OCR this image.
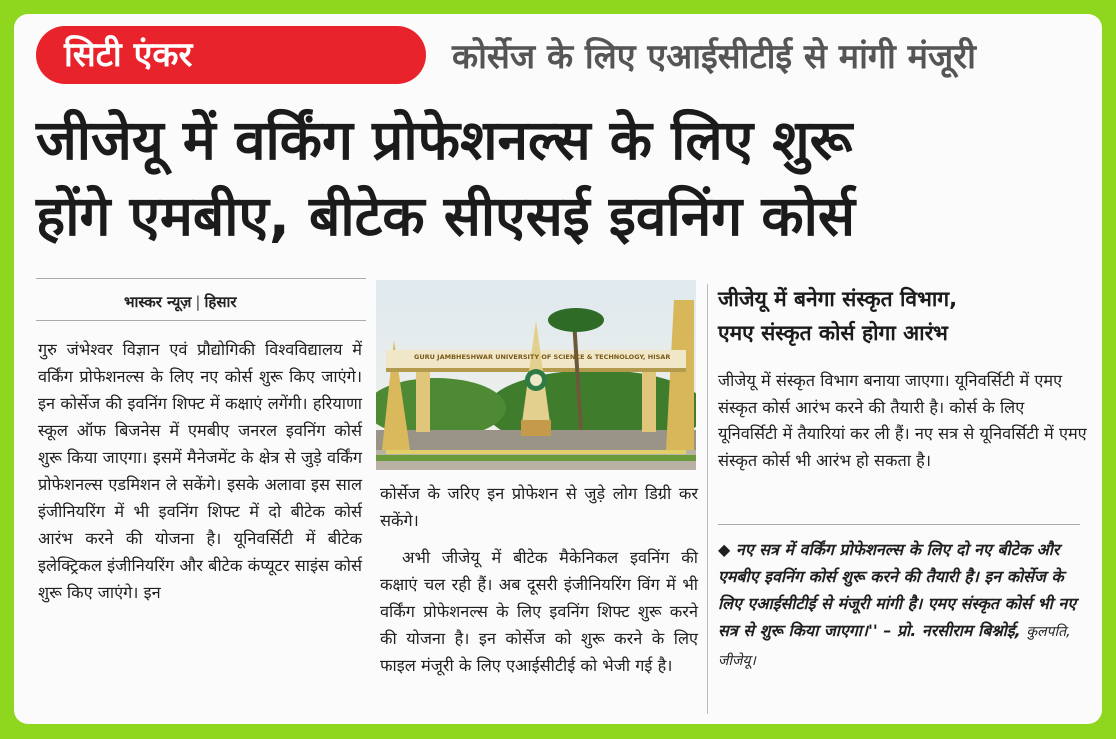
सिटी एंकर	कोर्सेज के लिए एआईसीटीई से मांगी मंजूरी
जीजेयू में वर्किंग प्रोफेशनल्स के लिए शुरू
होंगे एमबीए, बीटेक सीएसई इवनिंग कोर्स
भास्कर न्यूज़ | हिसार
गुरु जंभेश्वर विज्ञान एवं प्रौद्योगिकी विश्वविद्यालय में वर्किंग प्रोफेशनल्स के लिए नए कोर्स शुरू किए जाएंगे। इन कोर्सेज की इवनिंग शिफ्ट में कक्षाएं लगेंगी। हरियाणा स्कूल ऑफ बिजनेस में एमबीए जनरल इवनिंग कोर्स शुरू किया जाएगा। इसमें मैनेजमेंट के क्षेत्र से जुड़े वर्किंग प्रोफेशनल्स एडमिशन ले सकेंगे। इसके अलावा इस साल इंजीनियरिंग में भी इवनिंग शिफ्ट में दो बीटेक कोर्स आरंभ करने की योजना है। यूनिवर्सिटी में बीटेक इलेक्ट्रिकल इंजीनियरिंग और बीटेक कंप्यूटर साइंस कोर्स शुरू किए जाएंगे। इन
GURU JAMBHESHWAR UNIVERSITY OF SCIENCE & TECHNOLOGY, HISAR

कोर्सेज के जरिए इन प्रोफेशन से जुड़े लोग डिग्री कर सकेंगे।

अभी जीजेयू में बीटेक मैकेनिकल इवनिंग की कक्षाएं चल रही हैं। अब दूसरी इंजीनियरिंग विंग में भी वर्किंग प्रोफेशनल्स के लिए इवनिंग शिफ्ट शुरू करने की योजना है। इन कोर्सेज को शुरू करने के लिए फाइल मंजूरी के लिए एआईसीटीई को भेजी गई है।

जीजेयू में बनेगा संस्कृत विभाग,
एमए संस्कृत कोर्स होगा आरंभ
जीजेयू में संस्कृत विभाग बनाया जाएगा। यूनिवर्सिटी में एमए संस्कृत कोर्स आरंभ करने की तैयारी है। कोर्स के लिए यूनिवर्सिटी में तैयारियां कर ली हैं। नए सत्र से यूनिवर्सिटी में एमए संस्कृत कोर्स भी आरंभ हो सकता है।
◆ नए सत्र में वर्किंग प्रोफेशनल्स के लिए दो नए बीटेक और एमबीए इवनिंग कोर्स शुरू करने की तैयारी है। इन कोर्सेज के लिए एआईसीटीई से मंजूरी मांगी है। एमए संस्कृत कोर्स भी नए सत्र से शुरू किया जाएगा।'' – प्रो. नरसीराम बिश्नोई, कुलपति, जीजेयू।
